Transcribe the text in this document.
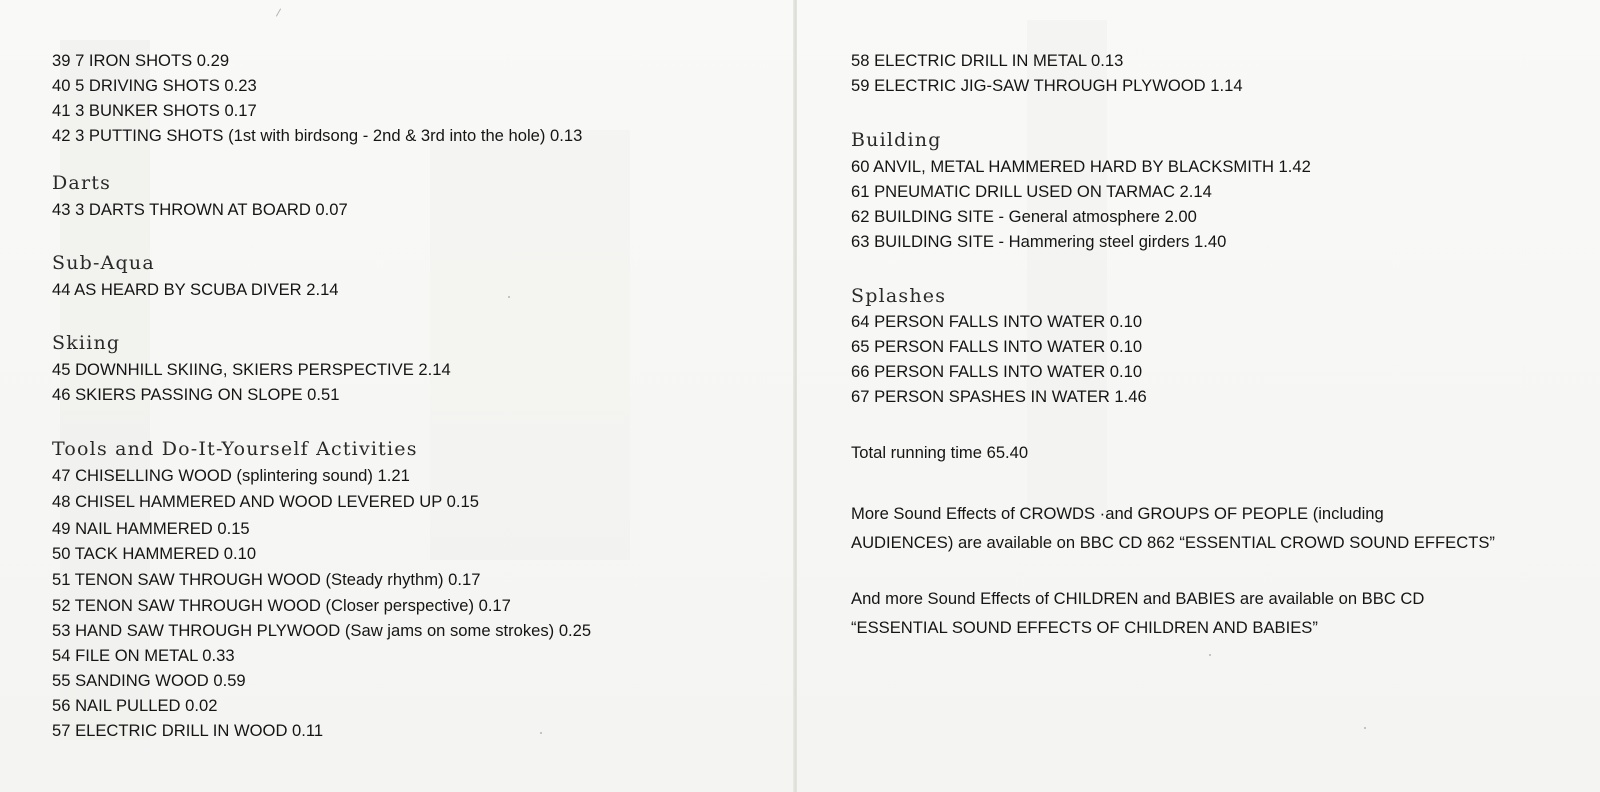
39 7 IRON SHOTS 0.29
40 5 DRIVING SHOTS 0.23
41 3 BUNKER SHOTS 0.17
42 3 PUTTING SHOTS (1st with birdsong - 2nd & 3rd into the hole) 0.13
Darts
43 3 DARTS THROWN AT BOARD 0.07
Sub-Aqua
44 AS HEARD BY SCUBA DIVER 2.14
Skiing
45 DOWNHILL SKIING, SKIERS PERSPECTIVE 2.14
46 SKIERS PASSING ON SLOPE 0.51
Tools and Do-It-Yourself Activities
47 CHISELLING WOOD (splintering sound) 1.21
48 CHISEL HAMMERED AND WOOD LEVERED UP 0.15
49 NAIL HAMMERED 0.15
50 TACK HAMMERED 0.10
51 TENON SAW THROUGH WOOD (Steady rhythm) 0.17
52 TENON SAW THROUGH WOOD (Closer perspective) 0.17
53 HAND SAW THROUGH PLYWOOD (Saw jams on some strokes) 0.25
54 FILE ON METAL 0.33
55 SANDING WOOD 0.59
56 NAIL PULLED 0.02
57 ELECTRIC DRILL IN WOOD 0.11
58 ELECTRIC DRILL IN METAL 0.13
59 ELECTRIC JIG-SAW THROUGH PLYWOOD 1.14
Building
60 ANVIL, METAL HAMMERED HARD BY BLACKSMITH 1.42
61 PNEUMATIC DRILL USED ON TARMAC 2.14
62 BUILDING SITE - General atmosphere 2.00
63 BUILDING SITE - Hammering steel girders 1.40
Splashes
64 PERSON FALLS INTO WATER 0.10
65 PERSON FALLS INTO WATER 0.10
66 PERSON FALLS INTO WATER 0.10
67 PERSON SPASHES IN WATER 1.46
Total running time 65.40
More Sound Effects of CROWDS ·and GROUPS OF PEOPLE (including
AUDIENCES) are available on BBC CD 862 “ESSENTIAL CROWD SOUND EFFECTS”
And more Sound Effects of CHILDREN and BABIES are available on BBC CD
“ESSENTIAL SOUND EFFECTS OF CHILDREN AND BABIES”
